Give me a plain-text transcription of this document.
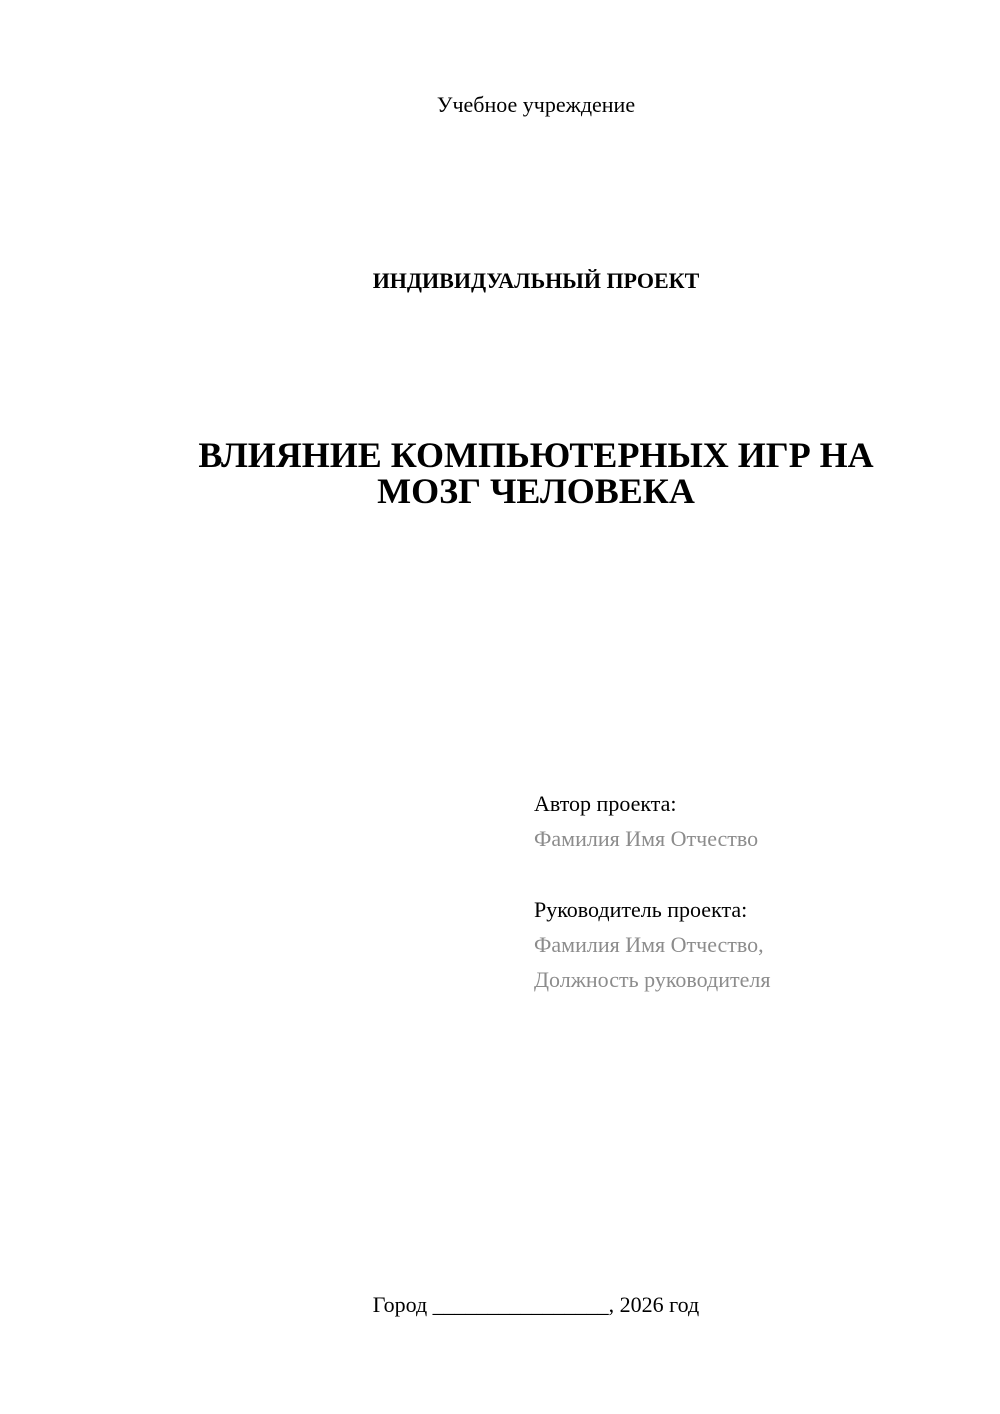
Учебное учреждение
ИНДИВИДУАЛЬНЫЙ ПРОЕКТ
ВЛИЯНИЕ КОМПЬЮТЕРНЫХ ИГР НА
МОЗГ ЧЕЛОВЕКА
Автор проекта:
Фамилия Имя Отчество
Руководитель проекта:
Фамилия Имя Отчество,
Должность руководителя
Город ________________, 2026 год
